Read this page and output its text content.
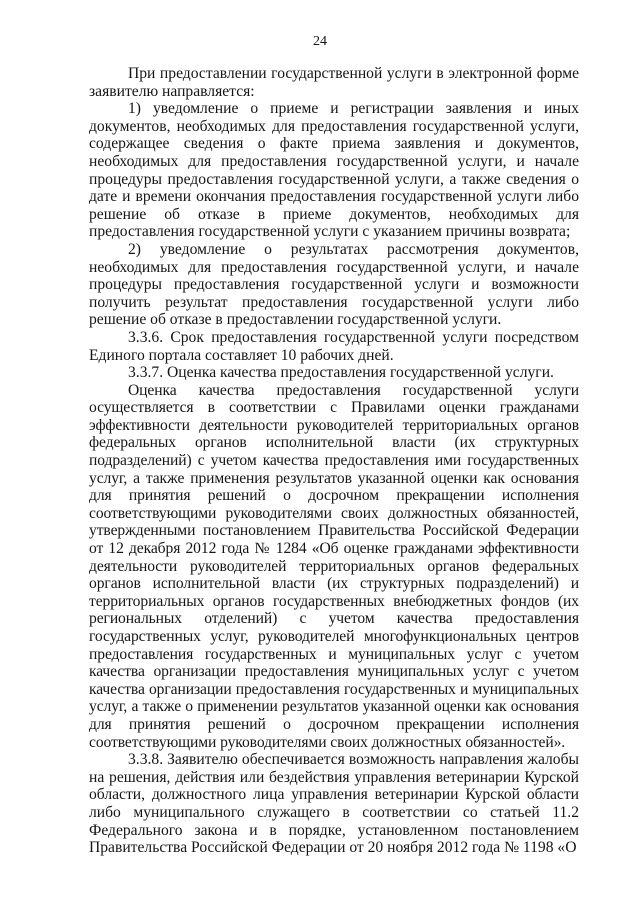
24

При предоставлении государственной услуги в электронной форме заявителю направляется:

1) уведомление о приеме и регистрации заявления и иных документов, необходимых для предоставления государственной услуги, содержащее сведения о факте приема заявления и документов, необходимых для предоставления государственной услуги, и начале процедуры предоставления государственной услуги, а также сведения о дате и времени окончания предоставления государственной услуги либо решение об отказе в приеме документов, необходимых для предоставления государственной услуги с указанием причины возврата;

2) уведомление о результатах рассмотрения документов, необходимых для предоставления государственной услуги, и начале процедуры предоставления государственной услуги и возможности получить результат предоставления государственной услуги либо решение об отказе в предоставлении государственной услуги.

3.3.6. Срок предоставления государственной услуги посредством Единого портала составляет 10 рабочих дней.

3.3.7. Оценка качества предоставления государственной услуги.

Оценка качества предоставления государственной услуги осуществляется в соответствии с Правилами оценки гражданами эффективности деятельности руководителей территориальных органов федеральных органов исполнительной власти (их структурных подразделений) с учетом качества предоставления ими государственных услуг, а также применения результатов указанной оценки как основания для принятия решений о досрочном прекращении исполнения соответствующими руководителями своих должностных обязанностей, утвержденными постановлением Правительства Российской Федерации от 12 декабря 2012 года № 1284 «Об оценке гражданами эффективности деятельности руководителей территориальных органов федеральных органов исполнительной власти (их структурных подразделений) и территориальных органов государственных внебюджетных фондов (их региональных отделений) с учетом качества предоставления государственных услуг, руководителей многофункциональных центров предоставления государственных и муниципальных услуг с учетом качества организации предоставления муниципальных услуг с учетом качества организации предоставления государственных и муниципальных услуг, а также о применении результатов указанной оценки как основания для принятия решений о досрочном прекращении исполнения соответствующими руководителями своих должностных обязанностей».

3.3.8. Заявителю обеспечивается возможность направления жалобы на решения, действия или бездействия управления ветеринарии Курской области, должностного лица управления ветеринарии Курской области либо муниципального служащего в соответствии со статьей 11.2 Федерального закона и в порядке, установленном постановлением Правительства Российской Федерации от 20 ноября 2012 года № 1198 «О
